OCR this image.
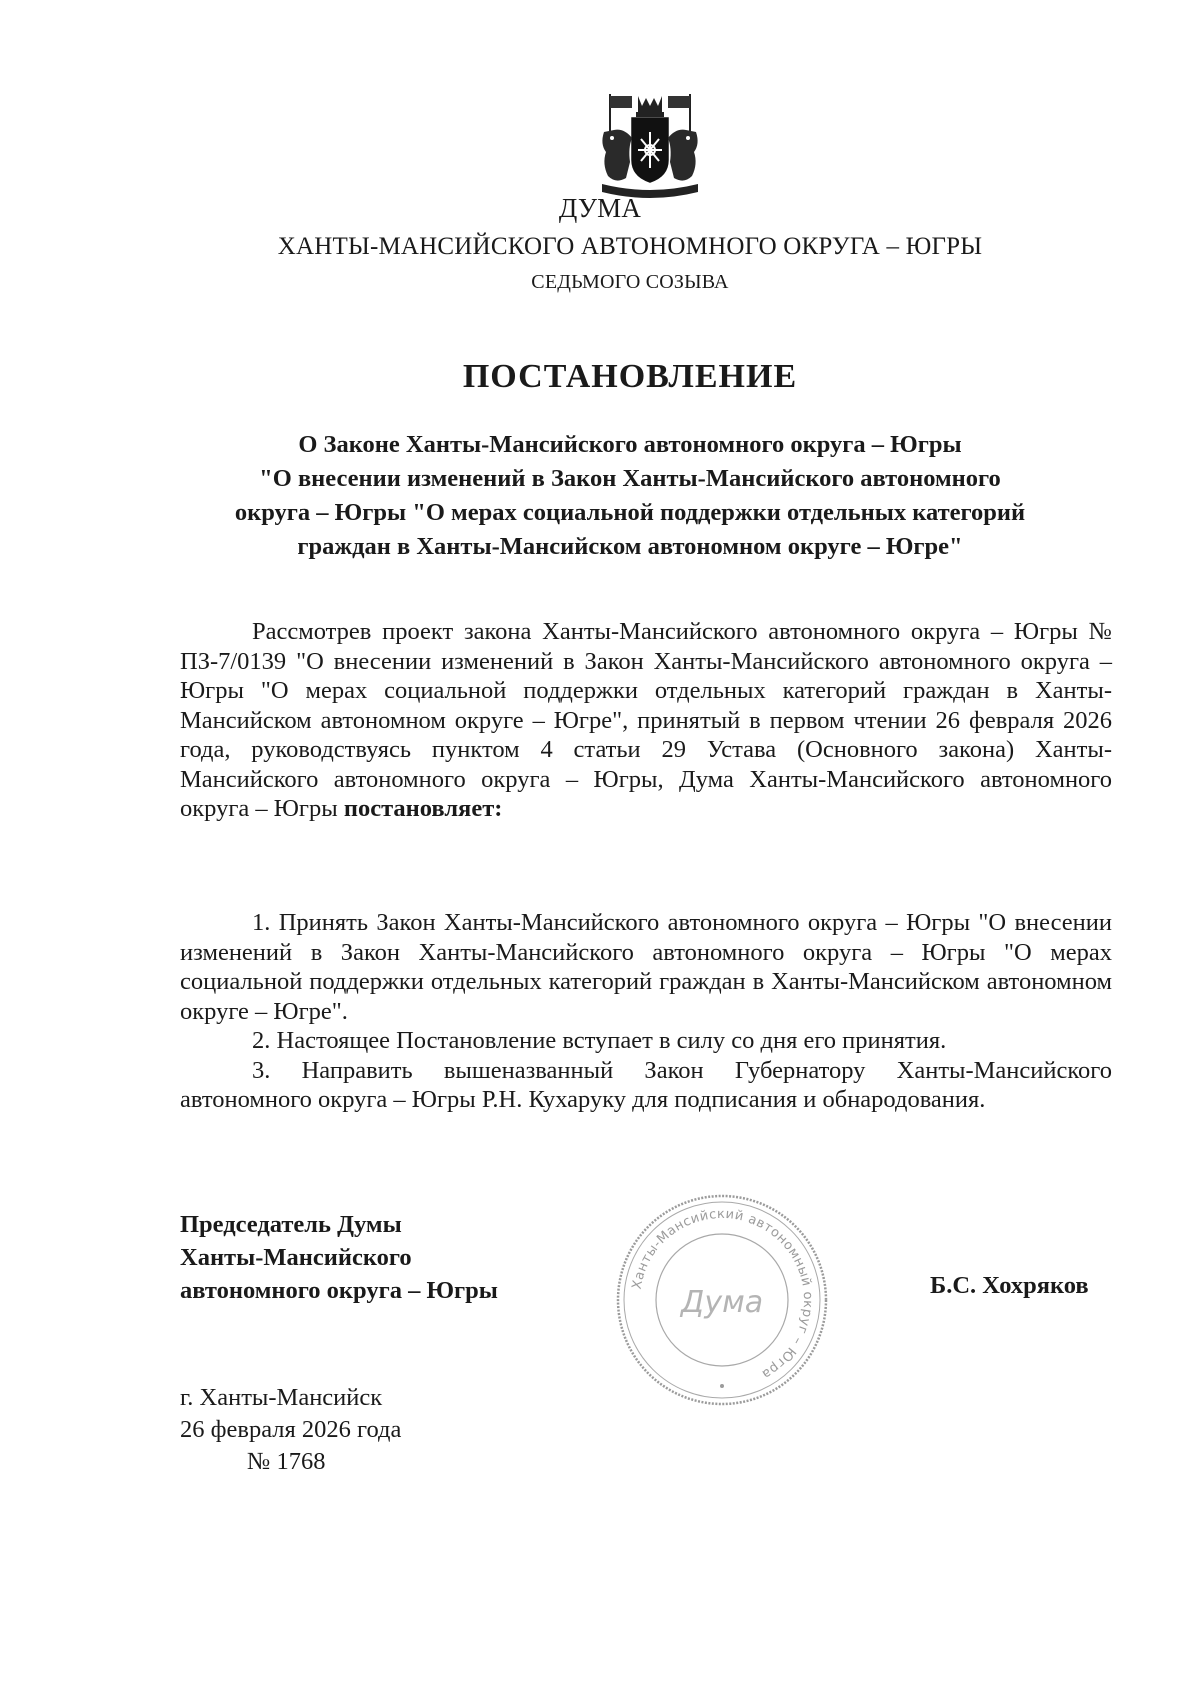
ДУМА
ХАНТЫ-МАНСИЙСКОГО АВТОНОМНОГО ОКРУГА – ЮГРЫ
СЕДЬМОГО СОЗЫВА
ПОСТАНОВЛЕНИЕ
О Законе Ханты-Мансийского автономного округа – Югры
"О внесении изменений в Закон Ханты-Мансийского автономного
округа – Югры "О мерах социальной поддержки отдельных категорий
граждан в Ханты-Мансийском автономном округе – Югре"
Рассмотрев проект закона Ханты-Мансийского автономного округа – Югры № ПЗ-7/0139 "О внесении изменений в Закон Ханты-Мансийского автономного округа – Югры "О мерах социальной поддержки отдельных категорий граждан в Ханты-Мансийском автономном округе – Югре", принятый в первом чтении 26 февраля 2026 года, руководствуясь пунктом 4 статьи 29 Устава (Основного закона) Ханты-Мансийского автономного округа – Югры, Дума Ханты-Мансийского автономного округа – Югры постановляет:

1. Принять Закон Ханты-Мансийского автономного округа – Югры "О внесении изменений в Закон Ханты-Мансийского автономного округа – Югры "О мерах социальной поддержки отдельных категорий граждан в Ханты-Мансийском автономном округе – Югре".

2. Настоящее Постановление вступает в силу со дня его принятия.

3. Направить вышеназванный Закон Губернатору Ханты-Мансийского автономного округа – Югры Р.Н. Кухаруку для подписания и обнародования.

Председатель Думы
Ханты-Мансийского
автономного округа – Югры	Ханты-Мансийский автономный округ – Югра
Дума	Б.С. Хохряков
г. Ханты-Мансийск
26 февраля 2026 года
№ 1768
